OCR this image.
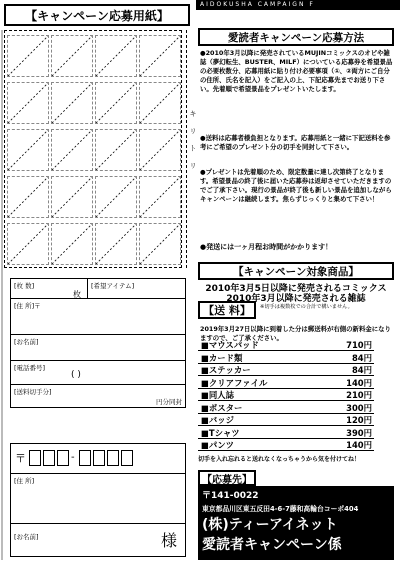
【キャンペーン応募用紙】
キ リ ト リ
[枚 数]	[希望アイテム]
枚
[住 所]〒
[お名前]
[電話番号]
( )
[送料切手分]
円分同封
〒	-
[住 所]
[お名前]	様
AIDOKUSHA CAMPAIGN F
愛読者キャンペーン応募方法
●2010年3月以降に発売されているMUJINコミックスのオビや雑誌（夢幻転生、BUSTER、MILF）についている応募券を希望景品の必要枚数分、応募用紙に貼り付け必要事項（①、②両方にご自分の住所、氏名を記入）をご記入の上、下記応募先までお送り下さい。先着順で希望景品をプレゼントいたします。
●送料は応募者様負担となります。応募用紙と一緒に下記送料を参考にご希望のプレゼント分の切手を同封して下さい。
●プレゼントは先着順のため、限定数量に達し次第終了となります。希望景品の終了後に届いた応募券は返却させていただきますのでご了承下さい。現行の景品が終了後も新しい景品を追加しながらキャンペーンは継続します。焦らずじっくりと集めて下さい！
●発送には一ヶ月程お時間がかかります！
【キャンペーン対象商品】
2010年3月5日以降に発売されるコミックス
2010年3月以降に発売される雑誌
【送 料】	※切手は複数枚での合計で構いません。
2019年3月27日以降に到着した分は郵送料が右側の新料金になりますので、ご了承ください。
■マウスパッド	710円
■カード類	84円
■ステッカー	84円
■クリアファイル	140円
■同人誌	210円
■ポスター	300円
■バッジ	120円
■Tシャツ	390円
■パンツ	140円
切手を入れ忘れると送れなくなっちゃうから気を付けてね！
【応募先】
〒141-0022
東京都品川区東五反田4-6-7藤和高輪台コーポ404
(株)ティーアイネット
愛読者キャンペーン係
